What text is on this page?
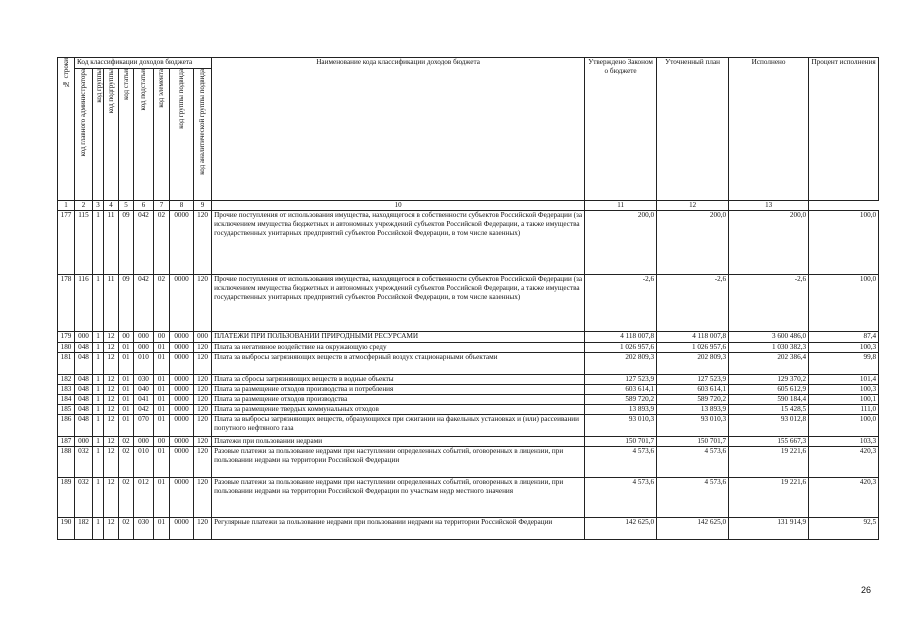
№ строки	Код классификации доходов бюджета								Наименование кода классификации доходов бюджета	Утверждено Законом о бюджете	Уточненный план	Исполнено	Процент исполнения

	код главного администратора	код группы	код подгруппы	код статьи	код подстатьи	код элемента	код группы подвида	код аналитической группы подвида					

1	2	3	4	5	6	7	8	9	10	11	12	13	
177	115	1	11	09	042	02	0000	120	Прочие поступления от использования имущества, находящегося в собственности субъектов Российской Федерации (за исключением имущества бюджетных и автономных учреждений субъектов Российской Федерации, а также имущества государственных унитарных предприятий субъектов Российской Федерации, в том числе казенных)	200,0	200,0	200,0	100,0
178	116	1	11	09	042	02	0000	120	Прочие поступления от использования имущества, находящегося в собственности субъектов Российской Федерации (за исключением имущества бюджетных и автономных учреждений субъектов Российской Федерации, а также имущества государственных унитарных предприятий субъектов Российской Федерации, в том числе казенных)	-2,6	-2,6	-2,6	100,0
179	000	1	12	00	000	00	0000	000	ПЛАТЕЖИ ПРИ ПОЛЬЗОВАНИИ ПРИРОДНЫМИ РЕСУРСАМИ	4 118 007,8	4 118 007,8	3 600 486,0	87,4
180	048	1	12	01	000	01	0000	120	Плата за негативное воздействие на окружающую среду	1 026 957,6	1 026 957,6	1 030 382,3	100,3
181	048	1	12	01	010	01	0000	120	Плата за выбросы загрязняющих веществ в атмосферный воздух стационарными объектами	202 809,3	202 809,3	202 386,4	99,8
182	048	1	12	01	030	01	0000	120	Плата за сбросы загрязняющих веществ в водные объекты	127 523,9	127 523,9	129 370,2	101,4
183	048	1	12	01	040	01	0000	120	Плата за размещение отходов производства и потребления	603 614,1	603 614,1	605 612,9	100,3
184	048	1	12	01	041	01	0000	120	Плата за размещение отходов производства	589 720,2	589 720,2	590 184,4	100,1
185	048	1	12	01	042	01	0000	120	Плата за размещение твердых коммунальных отходов	13 893,9	13 893,9	15 428,5	111,0
186	048	1	12	01	070	01	0000	120	Плата за выбросы загрязняющих веществ, образующихся при сжигании на факельных установках и (или) рассеивании попутного нефтяного газа	93 010,3	93 010,3	93 012,8	100,0
187	000	1	12	02	000	00	0000	120	Платежи при пользовании недрами	150 701,7	150 701,7	155 667,3	103,3
188	032	1	12	02	010	01	0000	120	Разовые платежи за пользование недрами при наступлении определенных событий, оговоренных в лицензии, при пользовании недрами на территории Российской Федерации	4 573,6	4 573,6	19 221,6	420,3
189	032	1	12	02	012	01	0000	120	Разовые платежи за пользование недрами при наступлении определенных событий, оговоренных в лицензии, при пользовании недрами на территории Российской Федерации по участкам недр местного значения	4 573,6	4 573,6	19 221,6	420,3
190	182	1	12	02	030	01	0000	120	Регулярные платежи за пользование недрами при пользовании недрами на территории Российской Федерации	142 625,0	142 625,0	131 914,9	92,5
26
